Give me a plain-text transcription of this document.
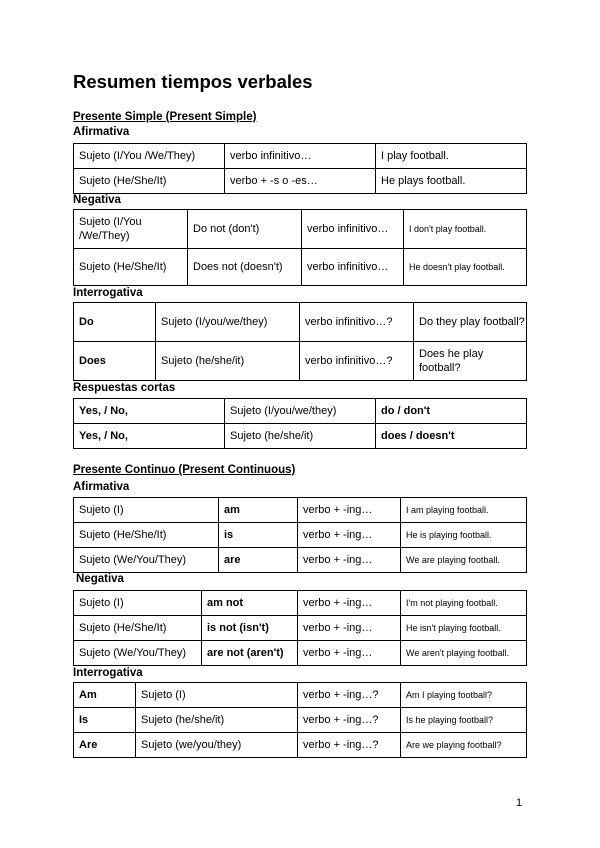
Resumen tiempos verbales

Presente Simple (Present Simple)

Afirmativa

Sujeto (I/You /We/They)	verbo infinitivo…	I play football.
Sujeto (He/She/It)	verbo + -s o -es…	He plays football.

Negativa

Sujeto (I/You /We/They)	Do not (don't)	verbo infinitivo…	I don't play football.
Sujeto (He/She/It)	Does not (doesn't)	verbo infinitivo…	He doesn't play football.

Interrogativa

Do	Sujeto (I/you/we/they)	verbo infinitivo…?	Do they play football?
Does	Sujeto (he/she/it)	verbo infinitivo…?	Does he play football?

Respuestas cortas

Yes, / No,	Sujeto (I/you/we/they)	do / don't
Yes, / No,	Sujeto (he/she/it)	does / doesn't

Presente Continuo (Present Continuous)

Afirmativa

Sujeto (I)	am	verbo + -ing…	I am playing football.
Sujeto (He/She/It)	is	verbo + -ing…	He is playing football.
Sujeto (We/You/They)	are	verbo + -ing…	We are playing football.

Negativa

Sujeto (I)	am not	verbo + -ing…	I'm not playing football.
Sujeto (He/She/It)	is not (isn't)	verbo + -ing…	He isn't playing football.
Sujeto (We/You/They)	are not (aren't)	verbo + -ing…	We aren't playing football.

Interrogativa

Am	Sujeto (I)	verbo + -ing…?	Am I playing football?
Is	Sujeto (he/she/it)	verbo + -ing…?	Is he playing football?
Are	Sujeto (we/you/they)	verbo + -ing…?	Are we playing football?
1
